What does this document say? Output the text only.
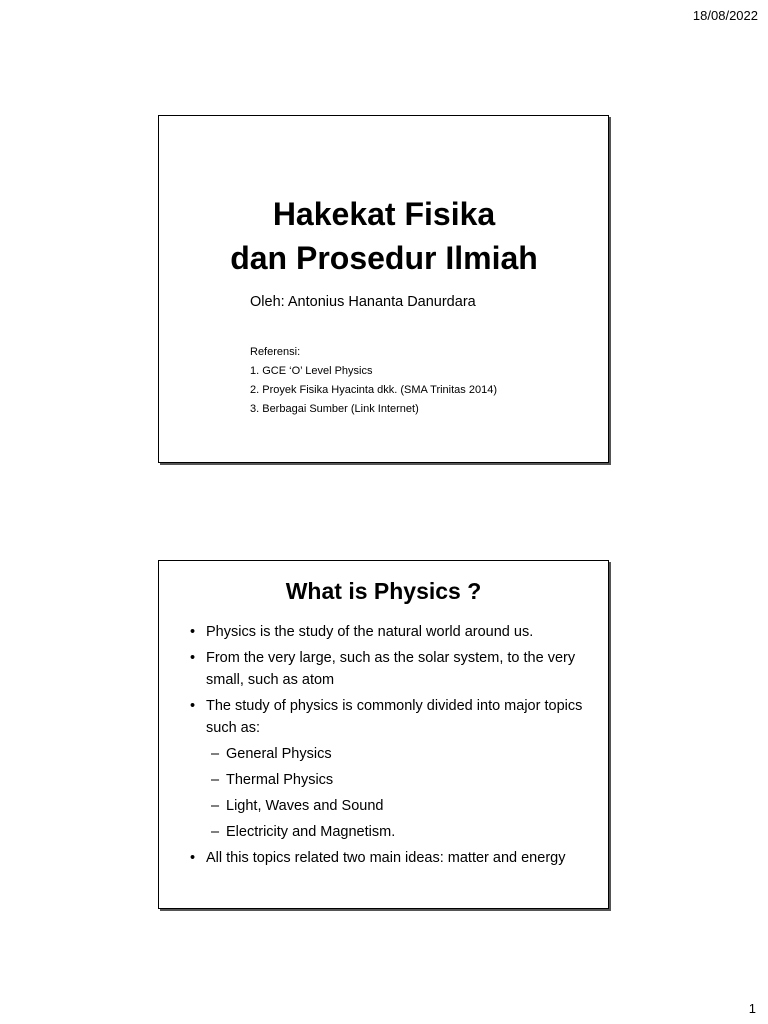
18/08/2022
Hakekat Fisika
dan Prosedur Ilmiah

Oleh: Antonius Hananta Danurdara

Referensi:
1. GCE ‘O’ Level Physics
2. Proyek Fisika Hyacinta dkk. (SMA Trinitas 2014)
3. Berbagai Sumber (Link Internet)
What is Physics ?
• Physics is the study of the natural world around us.
• From the very large, such as the solar system, to the very small, such as atom
• The study of physics is commonly divided into major topics such as:
– General Physics
– Thermal Physics
– Light, Waves and Sound
– Electricity and Magnetism.
• All this topics related two main ideas: matter and energy
1
